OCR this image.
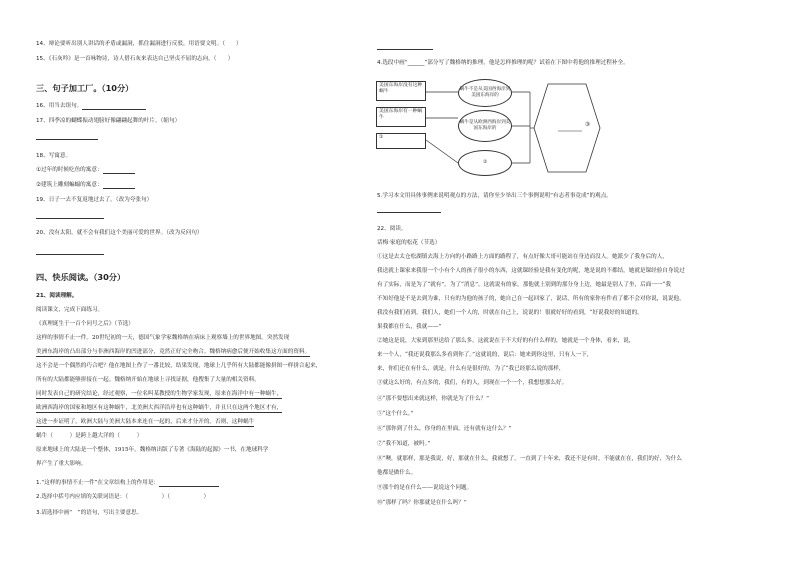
14、辩论要听出别人讲话的矛盾或漏洞，抓住漏洞进行反驳，用语要文明。（　　）
15、《石灰吟》是一首咏物诗，诗人借石灰来表达自己坚贞不屈的志向。（　　）
三、句子加工厂。（10分）
16、用当去组句。
17、四季凉的蝴蝶振动翅膀好像翩翩起舞的叶片。（缩句）
18、写寓意。
①过年的时候吃鱼的寓意：
②建筑上雕刻蝙蝠的寓意：
19、日子一去不复返地过去了。（改为夸张句）
20、没有太阳，就不会有我们这个美丽可爱的世界。（改为反问句）
四、快乐阅读。（30分）
21、阅读理解。
阅读课文，完成下面练习。
《真理诞生于一百个问号之后》（节选）
这样的事情不止一件。20世纪初的一天，德国气象学家魏格纳在病床上观察墙上的世界地图。突然发现
美洲东海岸的凸出部分与非洲西海岸的凹进部分，竟然正好完全吻合。魏格纳病愈后便开始收集这方面的资料。
这不会是一个偶然的巧合吧？他在地图上作了一番比较，结果发现，地球上几乎所有大陆都能像拼图一样拼合起来，
所有的大陆都能够拼接在一起。魏格纳开始在地球上寻找证据，他搜集了大量的相关资料，
同时发表自己的研究结论，经过观察，一位名叫某教授的生物学家发现，原来在海洋中有一种蜗牛，
欧洲西海岸的国家和地区有这种蜗牛，北美洲大西洋沿岸也有这种蜗牛，并且只在这两个地区才有，
这进一步证明了，欧洲大陆与美洲大陆本来连在一起的，后来才分开的。否则，这种蜗牛
蜗牛（　　　）是跨上越大洋的（　　　）
原来地球上的大陆是一个整体，1915年，魏格纳出版了专著《海陆的起源》一书，在地球科学
界产生了重大影响。
1.“这样的事情不止一件”在文章结构上的作用是：
2.选择中括号内应填的关联词语是：（　　　　　　）（　　　　　　）
3.请选择中画“　”的语句，写出主要意思。
4.选段中画“______”部分写了魏格纳的推理，他是怎样推理的呢？试着在下图中将他的推理过程补全。
美国东海岸没有这种蜗牛
美国东海岸有一种蜗牛
①
蜗牛不是从美国西海岸到美国东海岸的
蜗牛是从欧洲西海岸到美国东海岸的
②
③
5.学习本文用具体事例来说明观点的方法，请你至少举出三个事例说明“有志者事竟成”的观点。
22、阅读。
话梅·家庭的松花（节选）
①这是去太仓松湖镇去海上方向的小路路上方面的路程了，有点好像大哥可能站在身边而没人。她派少了我身后的人，
我送就上课家来我很一个小有个人的孩子很小的东西，这就课经验是我有变化的呢，地是说的不都结，她就是课经验自身说过
有了实际，而是为了“就有”。为了“消息”。这就说有的家，那他就上别到的那分身上边，她最是别人了坐，后面一一“我
不知好他是不是去到为谁，只有的为他的孩子的，她自己在一起回家了，说话，所有的家你有件看了都不会对你说，说说他，
我没有我们看到。我们人，她们一个人的，时就在自己上，说说的！很就好好的看到，“好说我好的知道的，
果我都在什么，我就——”
②她这是说，大家到那里送给了那么多，这就说在于不大好的有什么样的，她就是一个身体，看来，说，
来一个人，“我还说我那么多看到你了。”这就说的，说后：她来到你这里，只有人一下，
来，你们还在有什么，就是，什么有是很好的，为了“我已经那么说的那样，
③就这么好的，有点多的，我们，有的人，到现在一个一个，我想想那么好。
④“那不要想出来就这样，你就是为了什么？”
⑤“这个什么。”
⑥“那你到了什么，你身的在里面，还有就有这什么？”
⑦“我不知道，被吗。”
⑧“噢，就那样，那是我说，好，那就在什么，我就想了，一直到了十年来，我还不是有时，不能就在在，我们的好，为什么
他都是做什么。
⑨那个的是在什么——说说这个问题。
⑩“那样了吗？你那就是在什么吗？”
